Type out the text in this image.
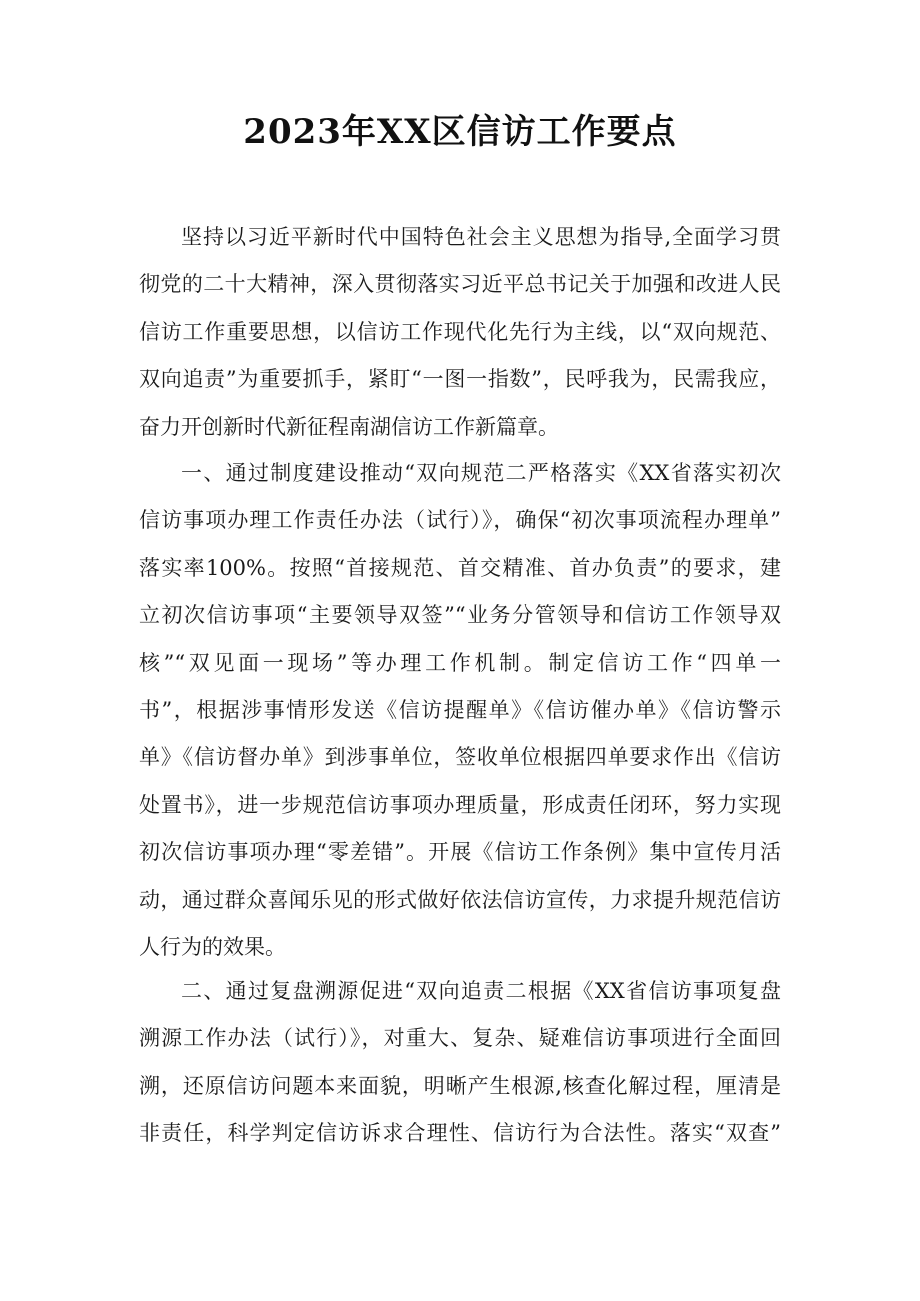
2023年XX区信访工作要点
坚持以习近平新时代中国特色社会主义思想为指导,全面学习贯
彻党的二十大精神，深入贯彻落实习近平总书记关于加强和改进人民
信访工作重要思想，以信访工作现代化先行为主线，以“双向规范、
双向追责”为重要抓手，紧盯“一图一指数”，民呼我为，民需我应，
奋力开创新时代新征程南湖信访工作新篇章。
一、通过制度建设推动“双向规范二严格落实《XX省落实初次
信访事项办理工作责任办法（试行）》，确保“初次事项流程办理单”
落实率100%。按照“首接规范、首交精准、首办负责”的要求，建
立初次信访事项“主要领导双签”“业务分管领导和信访工作领导双
核”“双见面一现场”等办理工作机制。制定信访工作“四单一
书”，根据涉事情形发送《信访提醒单》《信访催办单》《信访警示
单》《信访督办单》到涉事单位，签收单位根据四单要求作出《信访
处置书》，进一步规范信访事项办理质量，形成责任闭环，努力实现
初次信访事项办理“零差错”。开展《信访工作条例》集中宣传月活
动，通过群众喜闻乐见的形式做好依法信访宣传，力求提升规范信访
人行为的效果。
二、通过复盘溯源促进“双向追责二根据《XX省信访事项复盘
溯源工作办法（试行）》，对重大、复杂、疑难信访事项进行全面回
溯，还原信访问题本来面貌，明晰产生根源,核查化解过程，厘清是
非责任，科学判定信访诉求合理性、信访行为合法性。落实“双查”
